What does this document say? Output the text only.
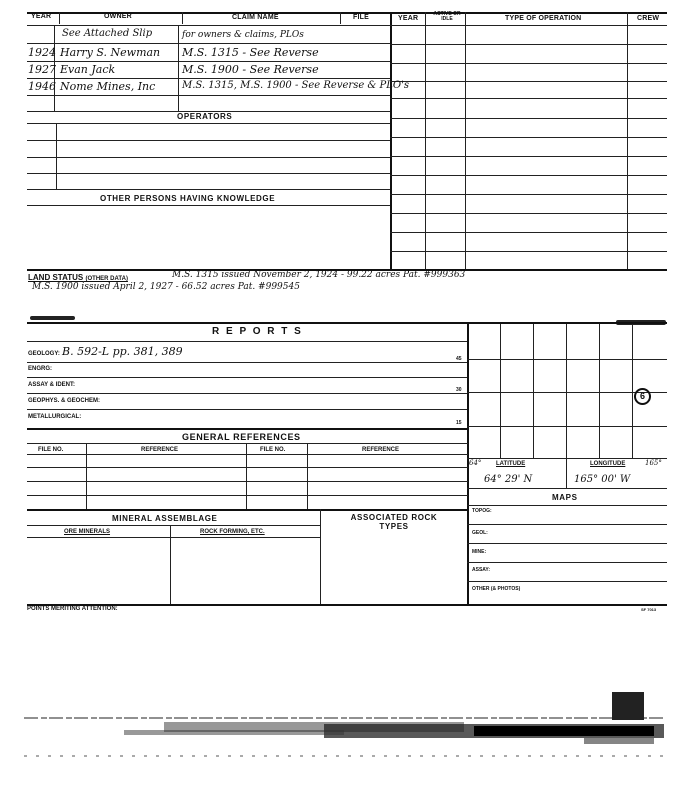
YEAR	OWNER	CLAIM NAME	FILE	YEAR
ACTIVE OR IDLE	TYPE OF OPERATION	CREW
See Attached Slip	for owners & claims, PLOs
1924 Harry S. Newman M.S. 1315 - See Reverse
1927 Evan Jack	M.S. 1900 - See Reverse
1946 Nome Mines, Inc	M.S. 1315, M.S. 1900 - See Reverse & PLO's
OPERATORS
OTHER PERSONS HAVING KNOWLEDGE
LAND STATUS (OTHER DATA)	M.S. 1315 issued November 2, 1924 - 99.22 acres Pat. #999363
M.S. 1900 issued April 2, 1927 - 66.52 acres Pat. #999545
R E P O R T S
GEOLOGY: B. 592-L pp. 381, 389
ENGRG:
ASSAY & IDENT:
GEOPHYS. & GEOCHEM:
METALLURGICAL:
45
30
15
6
64° LATITUDE	LONGITUDE	165°
64° 29' N	165° 00' W
MAPS
TOPOG:
GEOL:
MINE:
ASSAY:
OTHER (& PHOTOS)
GENERAL REFERENCES
FILE NO.	REFERENCE	FILE NO.	REFERENCE
MINERAL ASSEMBLAGE	ASSOCIATED ROCK TYPES
ORE MINERALS	ROCK FORMING, ETC.
POINTS MERITING ATTENTION:	SF 7013
